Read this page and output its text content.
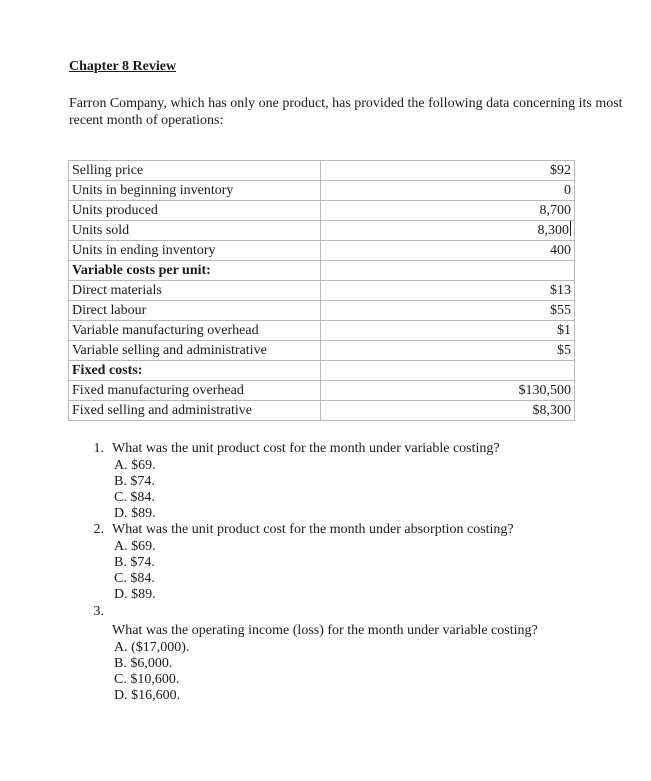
Chapter 8 Review
Farron Company, which has only one product, has provided the following data concerning its most recent month of operations:
Selling price	$92
Units in beginning inventory	0
Units produced	8,700
Units sold	8,300
Units in ending inventory	400
Variable costs per unit:	
Direct materials	$13
Direct labour	$55
Variable manufacturing overhead	$1
Variable selling and administrative	$5
Fixed costs:	
Fixed manufacturing overhead	$130,500
Fixed selling and administrative	$8,300
1. What was the unit product cost for the month under variable costing?
A. $69.
B. $74.
C. $84.
D. $89.
2. What was the unit product cost for the month under absorption costing?
A. $69.
B. $74.
C. $84.
D. $89.
3.
What was the operating income (loss) for the month under variable costing?
A. ($17,000).
B. $6,000.
C. $10,600.
D. $16,600.
